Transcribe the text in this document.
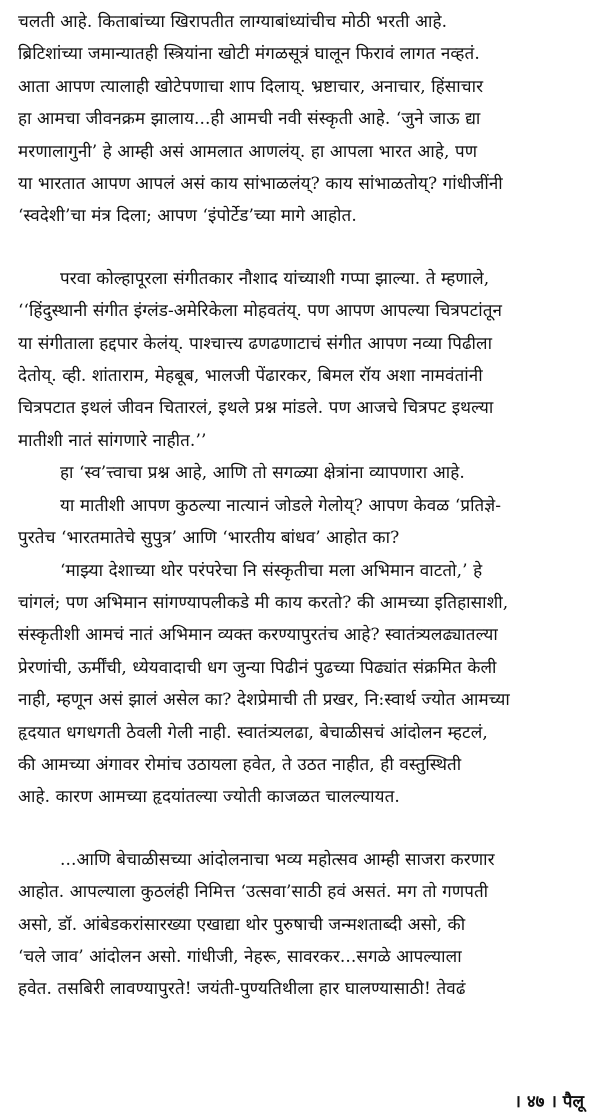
चलती आहे. किताबांच्या खिरापतीत लाग्याबांध्यांचीच मोठी भरती आहे.
ब्रिटिशांच्या जमान्यातही स्त्रियांना खोटी मंगळसूत्रं घालून फिरावं लागत नव्हतं.
आता आपण त्यालाही खोटेपणाचा शाप दिलाय्. भ्रष्टाचार, अनाचार, हिंसाचार
हा आमचा जीवनक्रम झालाय...ही आमची नवी संस्कृती आहे. ‘जुने जाऊ द्या
मरणालागुनी’ हे आम्ही असं आमलात आणलंय्. हा आपला भारत आहे, पण
या भारतात आपण आपलं असं काय सांभाळलंय्? काय सांभाळतोय्? गांधीजींनी
‘स्वदेशी’चा मंत्र दिला; आपण ‘इंपोर्टेड’च्या मागे आहोत.

परवा कोल्हापूरला संगीतकार नौशाद यांच्याशी गप्पा झाल्या. ते म्हणाले,
‘‘हिंदुस्थानी संगीत इंग्लंड-अमेरिकेला मोहवतंय्. पण आपण आपल्या चित्रपटांतून
या संगीताला हद्दपार केलंय्. पाश्चात्त्य ढणढणाटाचं संगीत आपण नव्या पिढीला
देतोय्. व्ही. शांताराम, मेहबूब, भालजी पेंढारकर, बिमल रॉय अशा नामवंतांनी
चित्रपटात इथलं जीवन चितारलं, इथले प्रश्न मांडले. पण आजचे चित्रपट इथल्या
मातीशी नातं सांगणारे नाहीत.’’

हा ‘स्व’त्त्वाचा प्रश्न आहे, आणि तो सगळ्या क्षेत्रांना व्यापणारा आहे.
या मातीशी आपण कुठल्या नात्यानं जोडले गेलोय्? आपण केवळ ‘प्रतिज्ञे-
पुरतेच ‘भारतमातेचे सुपुत्र’ आणि ‘भारतीय बांधव’ आहोत का?

‘माझ्या देशाच्या थोर परंपरेचा नि संस्कृतीचा मला अभिमान वाटतो,’ हे
चांगलं; पण अभिमान सांगण्यापलीकडे मी काय करतो? की आमच्या इतिहासाशी,
संस्कृतीशी आमचं नातं अभिमान व्यक्त करण्यापुरतंच आहे? स्वातंत्र्यलढ्यातल्या
प्रेरणांची, ऊर्मींची, ध्येयवादाची धग जुन्या पिढीनं पुढच्या पिढ्यांत संक्रमित केली
नाही, म्हणून असं झालं असेल का? देशप्रेमाची ती प्रखर, नि:स्वार्थ ज्योत आमच्या
हृदयात धगधगती ठेवली गेली नाही. स्वातंत्र्यलढा, बेचाळीसचं आंदोलन म्हटलं,
की आमच्या अंगावर रोमांच उठायला हवेत, ते उठत नाहीत, ही वस्तुस्थिती
आहे. कारण आमच्या हृदयांतल्या ज्योती काजळत चालल्यायत.

...आणि बेचाळीसच्या आंदोलनाचा भव्य महोत्सव आम्ही साजरा करणार
आहोत. आपल्याला कुठलंही निमित्त ‘उत्सवा’साठी हवं असतं. मग तो गणपती
असो, डॉ. आंबेडकरांसारख्या एखाद्या थोर पुरुषाची जन्मशताब्दी असो, की
‘चले जाव’ आंदोलन असो. गांधीजी, नेहरू, सावरकर...सगळे आपल्याला
हवेत. तसबिरी लावण्यापुरते! जयंती-पुण्यतिथीला हार घालण्यासाठी! तेवढं

। ४७ । पैलू
